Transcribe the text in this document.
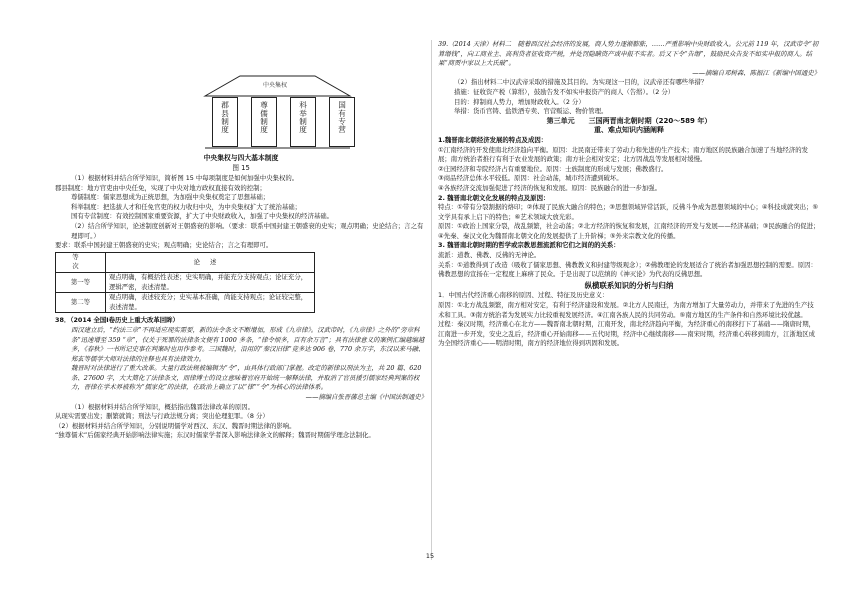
中央集权
郡县制度	尊儒制度	科举制度	国有专营
中央集权与四大基本制度
图 15

（1）根据材料并结合所学知识，简析图 15 中每项制度是如何加强中央集权的。

郡县制度：地方官吏由中央任免，实现了中央对地方政权直接有效的控制；

尊儒制度：儒家思想成为正统思想，为加强中央集权奠定了思想基础；

科举制度：把选拔人才和任免官吏的权力收归中央，为中央集权扩大了统治基础；

国有专营制度：有效控制国家重要资源，扩大了中央财政收入，加强了中央集权的经济基础。

（2）结合所学知识，论述制度创新对王朝盛衰的影响。（要求：联系中国封建王朝盛衰的史实；观点明确；史论结合；言之有理即可。）

要求：联系中国封建王朝盛衰的史实；观点明确；史论结合；言之有理即可。

等 次	论述
第一等	观点明确，有概括性表述；史实明确，并能充分支持观点；论证充分，逻辑严密，表述清楚。
第二等	观点明确，表述较充分；史实基本准确，尚能支持观点；论证较完整，表述清楚。

38．（2014 全国Ⅰ卷历史上重大改革回眸）

西汉建立后，“约法三章”不再适应现实需要，新的法令条文不断增加，形成《九章律》。汉武帝时，《九章律》之外的“旁章科条”迅速增至 359 “章”，仅关于死罪的法律条文便有 1000 多条，“律令烦多，百有余万言”；具有法律意义的案例汇编越编越多，《春秋》一书所记史事在判案时也用作参考。三国魏时，沿用的“秦汉旧律”竟多达 906 卷，770 余万字，东汉以来马融、郑玄等儒学大师对法律的注释也具有法律效力。

魏晋时对法律进行了重大改革。大量行政法规被编辑为“令”，由具体行政部门掌握。改定的新律以刑法为主，共 20 篇、620 条、27600 字，大大简化了法律条文，而律博士的设立意味着官府开始统一解释法律，并取消了官员援引儒家经典判案的权力，晋律在学术界被称为“儒家化”的法律，在政治上确立了以“律”“令”为核心的法律体系。

——摘编自张晋藩总主编《中国法制通史》

（1）根据材料并结合所学知识，概括指出魏晋法律改革的原因。

从现实需要出发；删繁就简；刑法与行政法规分离；突出伦理犯罪。（8 分）

（2）根据材料并结合所学知识，分别说明儒学对西汉、东汉、魏晋时期法律的影响。

“独尊儒术”后儒家经典开始影响法律实施；东汉时儒家学者深入影响法律条文的解释；魏晋时期儒学理念法制化。

39.（2014 天津）材料二　随着西汉社会经济的发展，商人势力逐渐膨胀，……严重影响中央财政收入。公元前 119 年，汉武帝令“初算缗钱”，向工商业主、高利贷者征收资产税，并处罚隐瞒资产或申报不实者。后又下令“告缗”，鼓励民众告发不如实申报的商人。结果“商贾中家以上大氏破”。

——摘编自邓树森、陈振江《新编中国通史》

（2）指出材料二中汉武帝采取的措施及其目的。为实现这一目的，汉武帝还有哪些举措？

措施：征收资产税（算缗），鼓励告发不如实申报资产的商人（告缗）。（2 分）

目的：抑制商人势力，增加财政收入。（2 分）

举措：货币官铸、盐铁酒专卖、官营贩运、物价管理。

第三单元　　三国两晋南北朝时期（220～589 年）

重、难点知识内涵阐释

1.魏晋南北朝经济发展的特点及成因：

①江南经济的开发使南北经济趋向平衡。原因：北民南迁带来了劳动力和先进的生产技术；南方地区的民族融合加速了当地经济的发展；南方统治者推行有利于农业发展的政策；南方社会相对安定；北方因战乱等发展相对缓慢。

②庄园经济和寺院经济占有重要地位。原因：士族制度的形成与发展；佛教盛行。

③商品经济总体水平较低。原因：社会动荡，城市经济遭到破坏。

④各族经济交流加强促进了经济的恢复和发展。原因：民族融合的进一步加强。

2. 魏晋南北朝文化发展的特点及原因：

特点：①带有分裂割据的烙印；②体现了民族大融合的特色；③思想领域异常活跃，反佛斗争成为思想领域的中心；④科技成就突出；⑤文学具有承上启下的特色；⑥艺术领域大放光彩。

原因：①政治上国家分裂，战乱频繁，社会动荡；②北方经济的恢复和发展，江南经济的开发与发展——经济基础；③民族融合的促进；④先秦、秦汉文化为魏晋南北朝文化的发展提供了上升阶梯；⑤外来宗教文化的传播。

3. 魏晋南北朝时期的哲学或宗教思想流派和它们之间的的关系：

流派：道教、佛教、反佛的无神论。

关系：①道教得到了改造（吸收了儒家思想、佛教教义和封建等级观念）；②佛教理论的发展适合了统治者加强思想控制的需要。原因：佛教思想的宣扬在一定程度上麻痹了民众。于是出现了以范缜的《神灭论》为代表的反佛思想。

纵横联系知识的分析与归纳

1．中国古代经济重心南移的原因、过程、特征及历史意义：

原因：①北方战乱频繁，南方相对安定，有利于经济建设和发展。②北方人民南迁，为南方增加了大量劳动力，并带来了先进的生产技术和工具。③南方统治者为发展实力比较重视发展经济。④江南各族人民的共同劳动。⑤南方地区的生产条件和自然环境比较优越。

过程：秦汉时期，经济重心在北方——魏晋南北朝时期，江南开发，南北经济趋向平衡，为经济重心的南移打下了基础——隋唐时期，江南进一步开发，安史之乱后，经济重心开始南移——五代时期，经济中心继续南移——南宋时期，经济重心转移到南方，江浙地区成为全国经济重心——明清时期，南方的经济地位得到巩固和发展。

15
